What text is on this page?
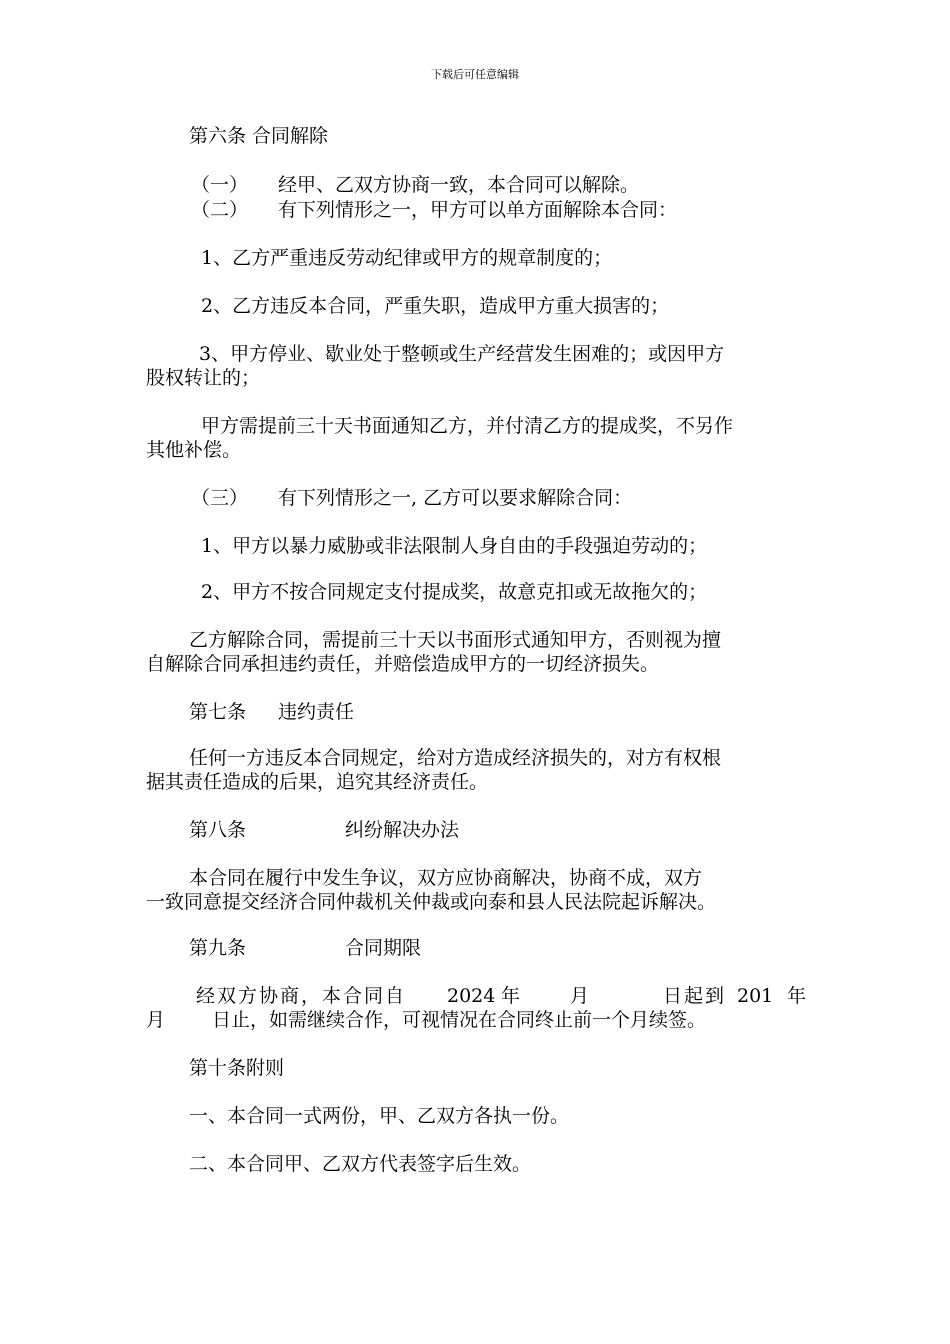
下载后可任意编辑
第六条 合同解除
（一） 经甲、乙双方协商一致，本合同可以解除。
（二） 有下列情形之一，甲方可以单方面解除本合同：
1、乙方严重违反劳动纪律或甲方的规章制度的；
2、乙方违反本合同，严重失职，造成甲方重大损害的；
3、甲方停业、歇业处于整顿或生产经营发生困难的；或因甲方
股权转让的；
甲方需提前三十天书面通知乙方，并付清乙方的提成奖，不另作
其他补偿。
（三） 有下列情形之一, 乙方可以要求解除合同：
1、甲方以暴力威胁或非法限制人身自由的手段强迫劳动的；
2、甲方不按合同规定支付提成奖，故意克扣或无故拖欠的；
乙方解除合同，需提前三十天以书面形式通知甲方，否则视为擅
自解除合同承担违约责任，并赔偿造成甲方的一切经济损失。
第七条 违约责任
任何一方违反本合同规定，给对方造成经济损失的，对方有权根
据其责任造成的后果，追究其经济责任。
第八条	纠纷解决办法
本合同在履行中发生争议，双方应协商解决，协商不成，双方
一致同意提交经济合同仲裁机关仲裁或向泰和县人民法院起诉解决。
第九条	合同期限
经双方协商，本合同自 2024 年	月	日起到 201 年
月 日止，如需继续合作，可视情况在合同终止前一个月续签。
第十条附则
一、本合同一式两份，甲、乙双方各执一份。
二、本合同甲、乙双方代表签字后生效。
